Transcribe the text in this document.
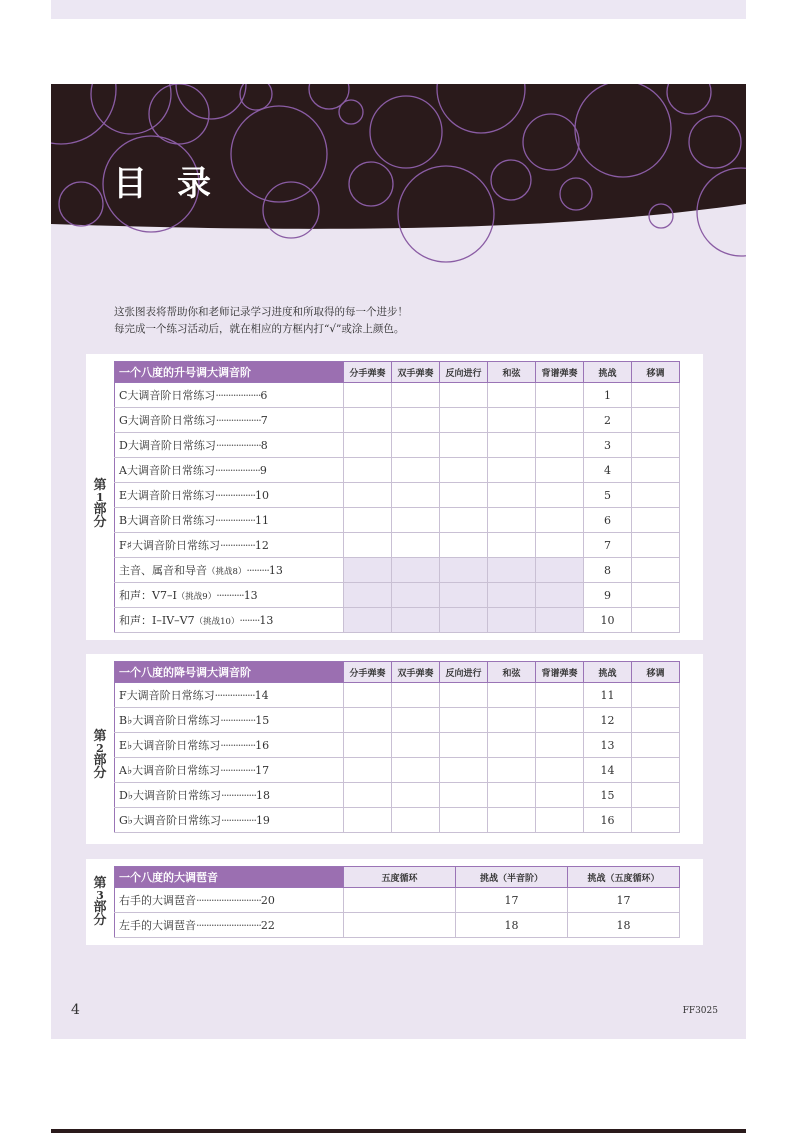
目录
这张图表将帮助你和老师记录学习进度和所取得的每一个进步！
每完成一个练习活动后，就在相应的方框内打“√”或涂上颜色。
第
1
部
分
一个八度的升号调大调音阶	分手弹奏	双手弹奏	反向进行	和弦	背谱弹奏	挑战	移调
C大调音阶日常练习··················6						1	
G大调音阶日常练习··················7						2	
D大调音阶日常练习··················8						3	
A大调音阶日常练习··················9						4	
E大调音阶日常练习················10						5	
B大调音阶日常练习················11						6	
F♯大调音阶日常练习··············12						7	
主音、属音和导音（挑战8）·········13						8	
和声：V7–I（挑战9）···········13						9	
和声：I–IV–V7（挑战10）········13						10	
第
2
部
分
一个八度的降号调大调音阶	分手弹奏	双手弹奏	反向进行	和弦	背谱弹奏	挑战	移调
F大调音阶日常练习················14						11	
B♭大调音阶日常练习··············15						12	
E♭大调音阶日常练习··············16						13	
A♭大调音阶日常练习··············17						14	
D♭大调音阶日常练习··············18						15	
G♭大调音阶日常练习··············19						16	
第
3
部
分
一个八度的大调琶音	五度循环	挑战（半音阶）	挑战（五度循环）
右手的大调琶音··························20		17	17
左手的大调琶音··························22		18	18
4	FF3025
